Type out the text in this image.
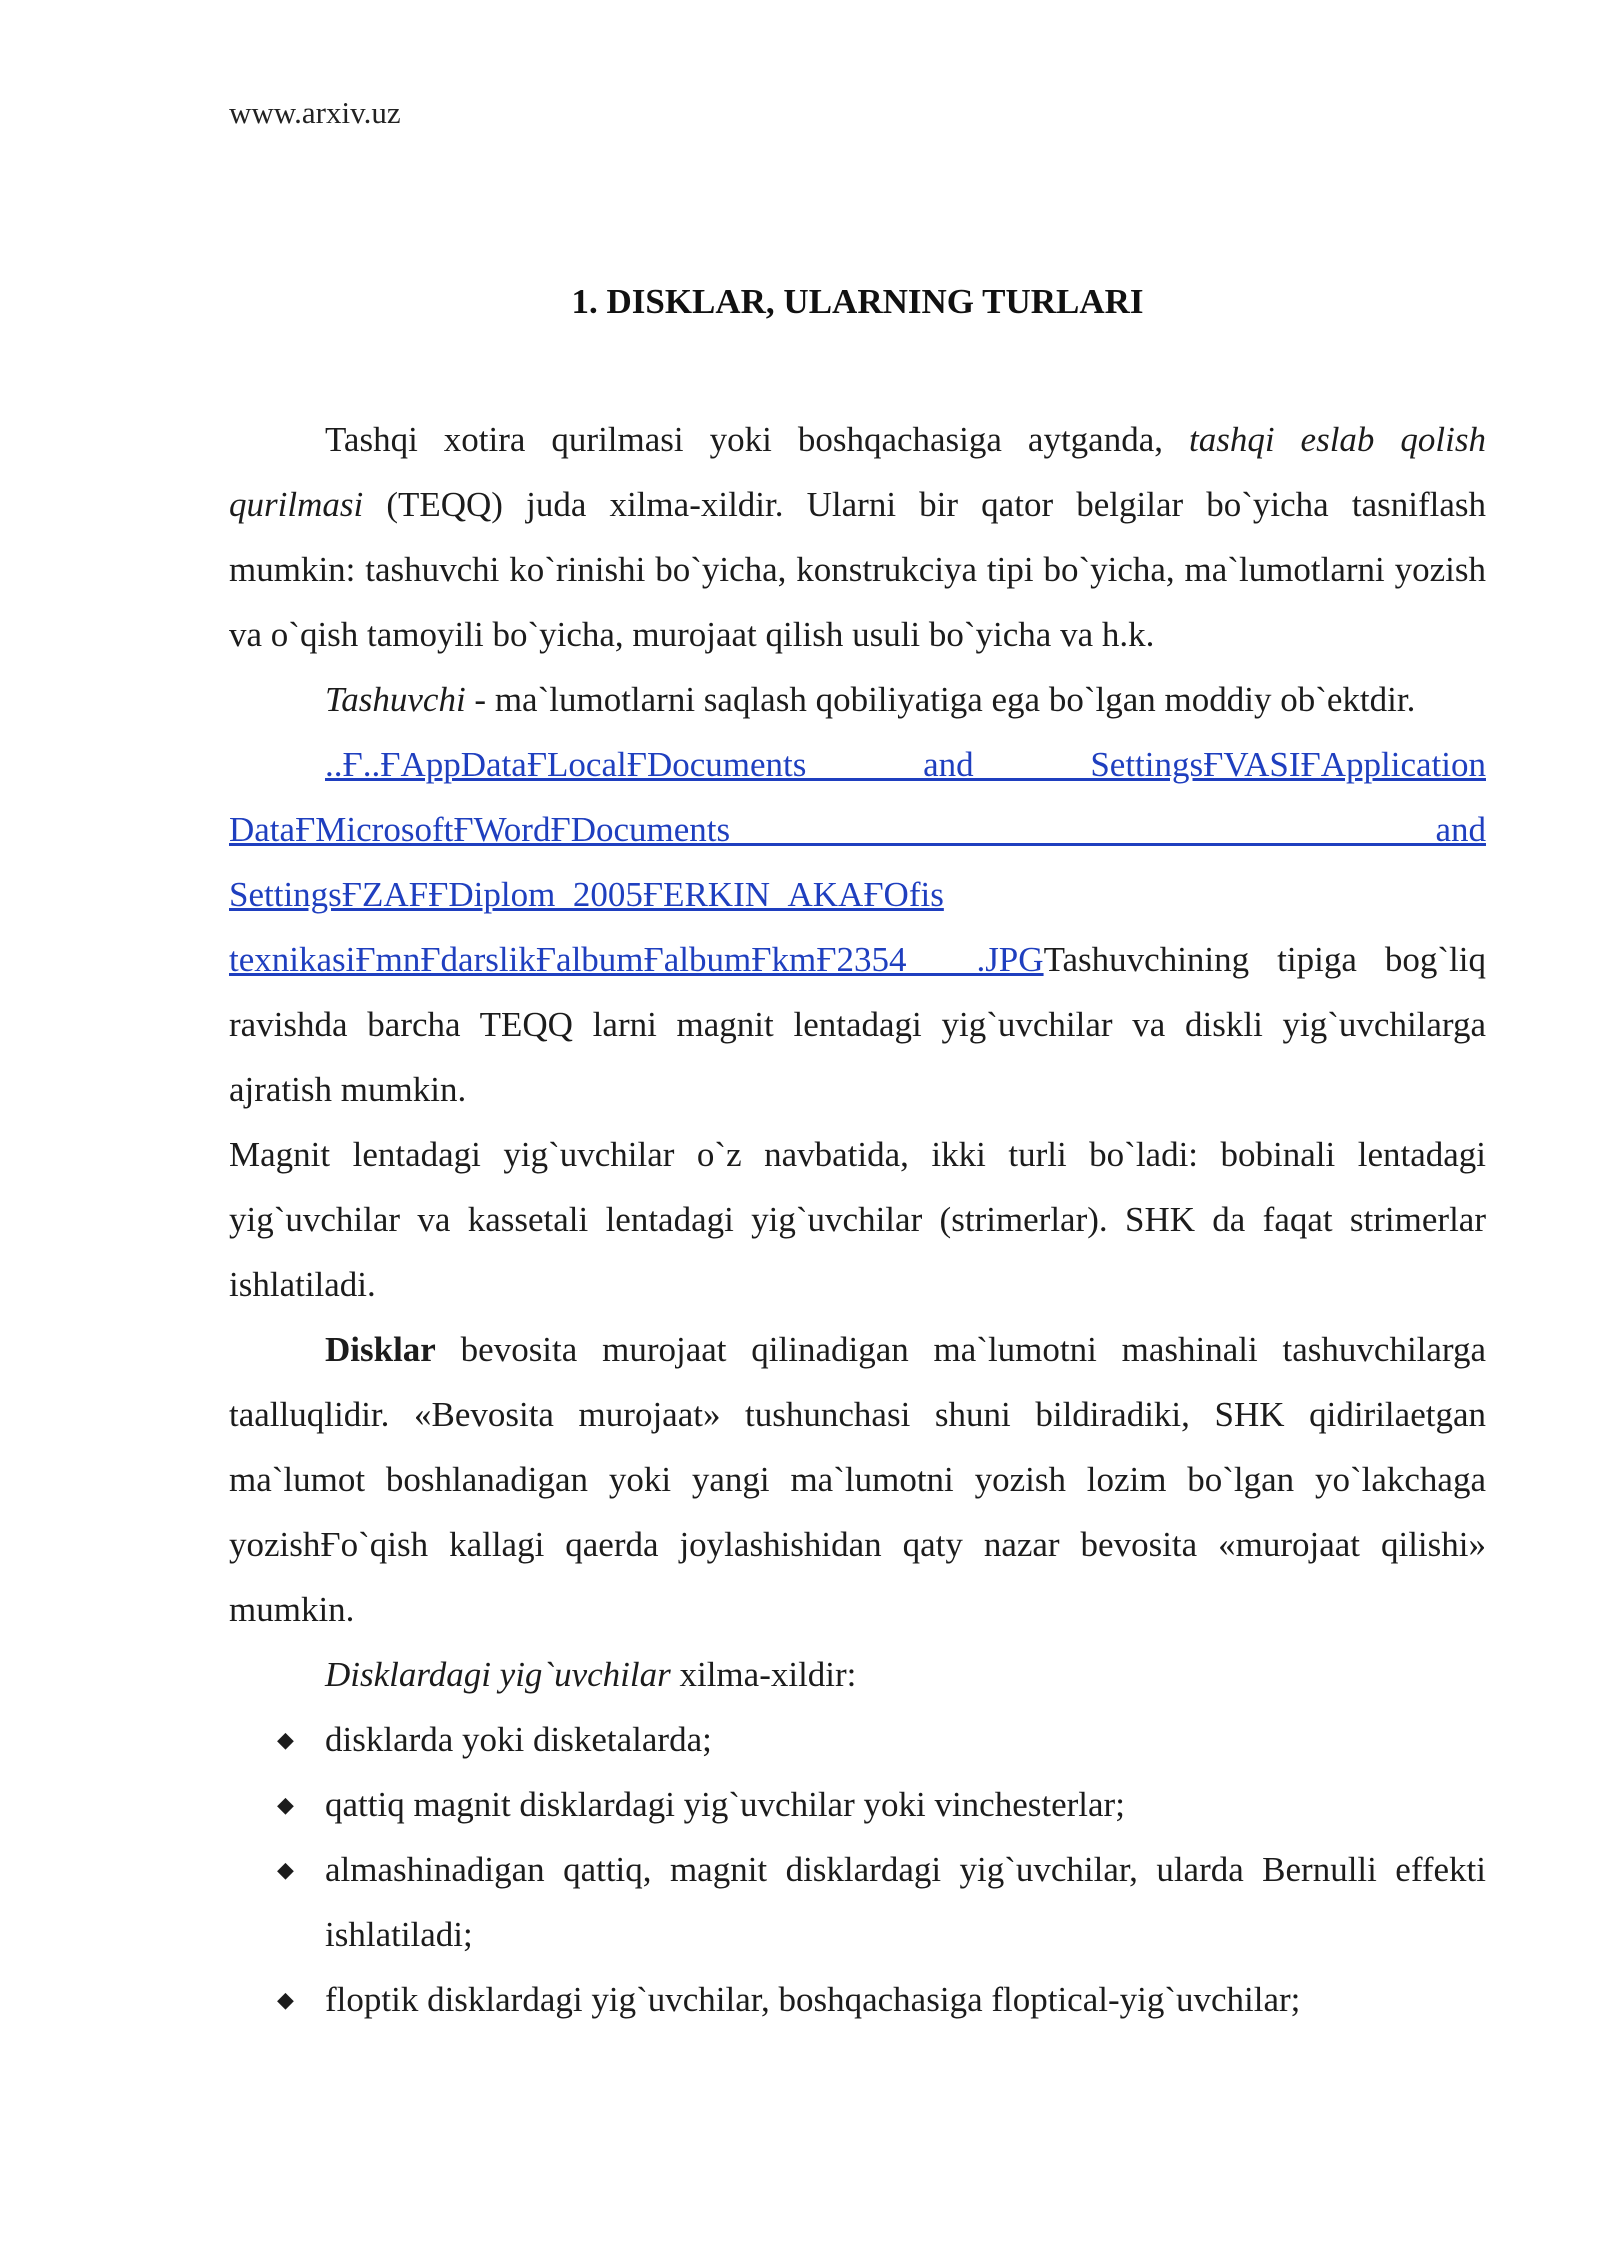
www.arxiv.uz
1. DISKLAR, ULARNING TURLARI

Tashqi xotira qurilmasi yoki boshqachasiga aytganda, tashqi eslab qolish qurilmasi (TEQQ) juda xilma-xildir. Ularni bir qator belgilar bo`yicha tasniflash mumkin: tashuvchi ko`rinishi bo`yicha, konstrukciya tipi bo`yicha, ma`lumotlarni yozish va o`qish tamoyili bo`yicha, murojaat qilish usuli bo`yicha va h.k.

Tashuvchi - ma`lumotlarni saqlash qobiliyatiga ega bo`lgan moddiy ob`ektdir.

..Ғ..ҒAppDataҒLocalҒDocuments and SettingsҒVASIҒApplication

DataҒMicrosoftҒWordҒDocuments and

SettingsҒZAFҒDiplom_2005ҒERKIN_AKAҒOfis

texnikasiҒmnҒdarslikҒalbumҒalbumҒkmҒ2354____.JPGTashuvchining tipiga bog`liq ravishda barcha TEQQ larni magnit lentadagi yig`uvchilar va diskli yig`uvchilarga ajratish mumkin.

Magnit lentadagi yig`uvchilar o`z navbatida, ikki turli bo`ladi: bobinali lentadagi yig`uvchilar va kassetali lentadagi yig`uvchilar (strimerlar). SHK da faqat strimerlar ishlatiladi.

Disklar bevosita murojaat qilinadigan ma`lumotni mashinali tashuvchilarga taalluqlidir. «Bevosita murojaat» tushunchasi shuni bildiradiki, SHK qidirilaetgan ma`lumot boshlanadigan yoki yangi ma`lumotni yozish lozim bo`lgan yo`lakchaga yozishҒo`qish kallagi qaerda joylashishidan qaty nazar bevosita «murojaat qilishi» mumkin.

Disklardagi yig`uvchilar xilma-xildir:

◆ disklarda yoki disketalarda;
◆ qattiq magnit disklardagi yig`uvchilar yoki vinchesterlar;
◆ almashinadigan qattiq, magnit disklardagi yig`uvchilar, ularda Bernulli effekti ishlatiladi;
◆ floptik disklardagi yig`uvchilar, boshqachasiga floptical-yig`uvchilar;
